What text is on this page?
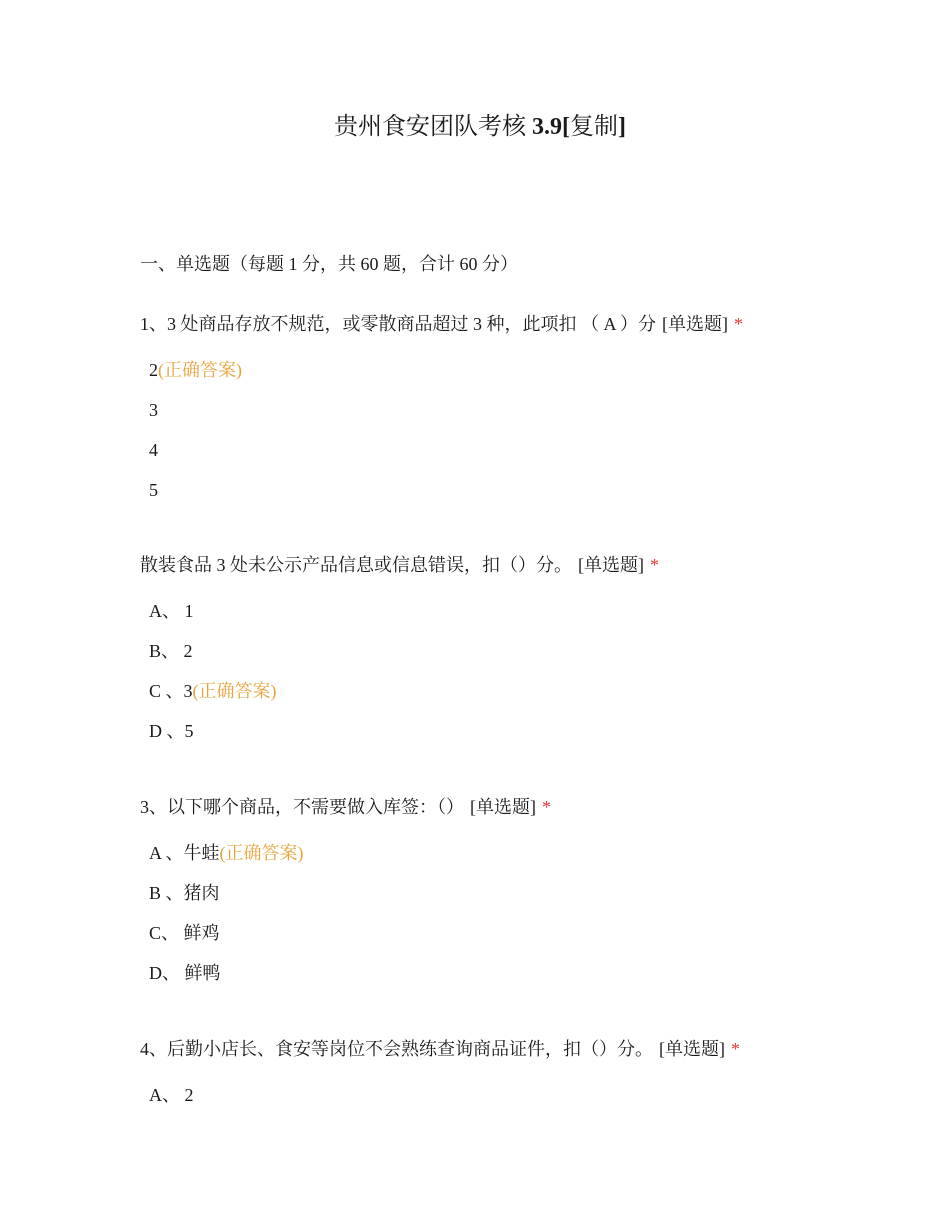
贵州食安团队考核 3.9[复制]
一、单选题（每题 1 分，共 60 题，合计 60 分）
1、3 处商品存放不规范，或零散商品超过 3 种，此项扣 （ A ）分 [单选题] *
2(正确答案)
3
4
5
散装食品 3 处未公示产品信息或信息错误，扣（）分。 [单选题] *
A、 1
B、 2
C 、3(正确答案)
D 、5
3、以下哪个商品，不需要做入库签：（） [单选题] *
A 、牛蛙(正确答案)
B 、猪肉
C、 鲜鸡
D、 鲜鸭
4、后勤小店长、食安等岗位不会熟练查询商品证件，扣（）分。 [单选题] *
A、 2
